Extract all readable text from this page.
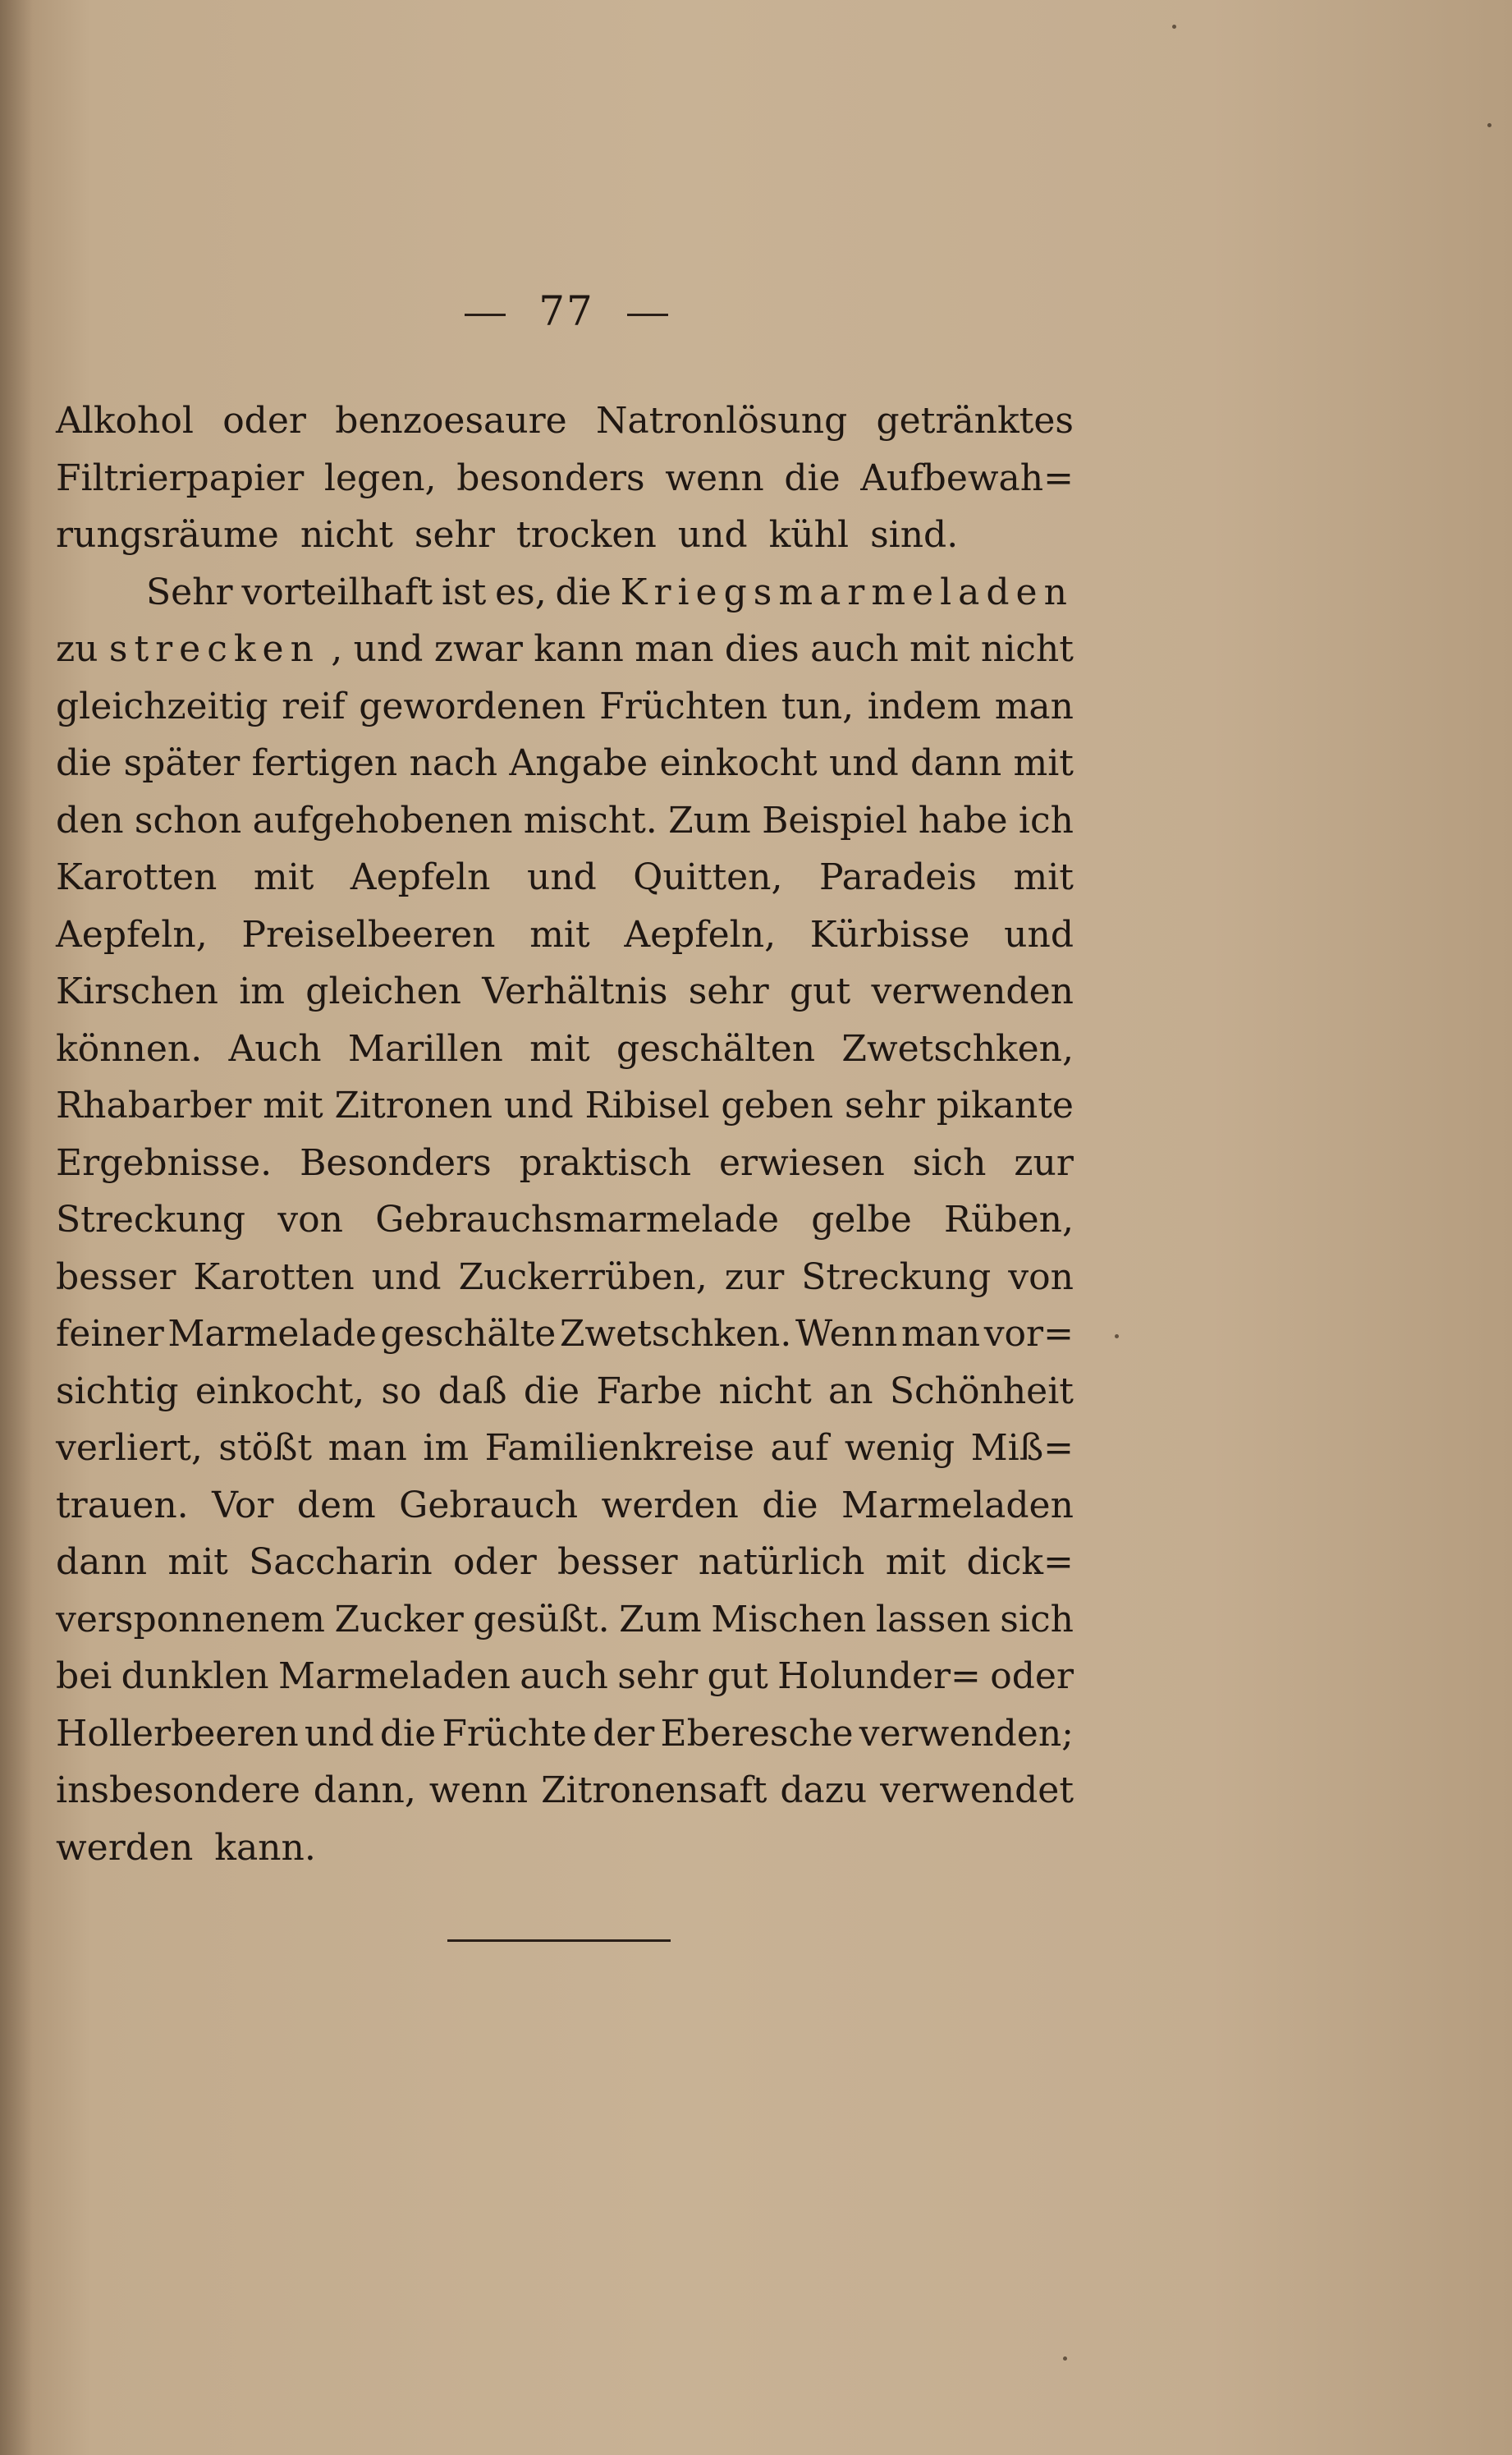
77
Alkohol oder benzoesaure Natronlösung getränktes
Filtrierpapier legen, besonders wenn die Aufbewah=
rungsräume nicht sehr trocken und kühl sind.
Sehr vorteilhaft ist es, die Kriegsmarmeladen
zu strecken , und zwar kann man dies auch mit nicht
gleichzeitig reif gewordenen Früchten tun, indem man
die später fertigen nach Angabe einkocht und dann mit
den schon aufgehobenen mischt. Zum Beispiel habe ich
Karotten mit Aepfeln und Quitten, Paradeis mit
Aepfeln, Preiselbeeren mit Aepfeln, Kürbisse und
Kirschen im gleichen Verhältnis sehr gut verwenden
können. Auch Marillen mit geschälten Zwetschken,
Rhabarber mit Zitronen und Ribisel geben sehr pikante
Ergebnisse. Besonders praktisch erwiesen sich zur
Streckung von Gebrauchsmarmelade gelbe Rüben,
besser Karotten und Zuckerrüben, zur Streckung von
feiner Marmelade geschälte Zwetschken. Wenn man vor=
sichtig einkocht, so daß die Farbe nicht an Schönheit
verliert, stößt man im Familienkreise auf wenig Miß=
trauen. Vor dem Gebrauch werden die Marmeladen
dann mit Saccharin oder besser natürlich mit dick=
versponnenem Zucker gesüßt. Zum Mischen lassen sich
bei dunklen Marmeladen auch sehr gut Holunder= oder
Hollerbeeren und die Früchte der Eberesche verwenden;
insbesondere dann, wenn Zitronensaft dazu verwendet
werden kann.
